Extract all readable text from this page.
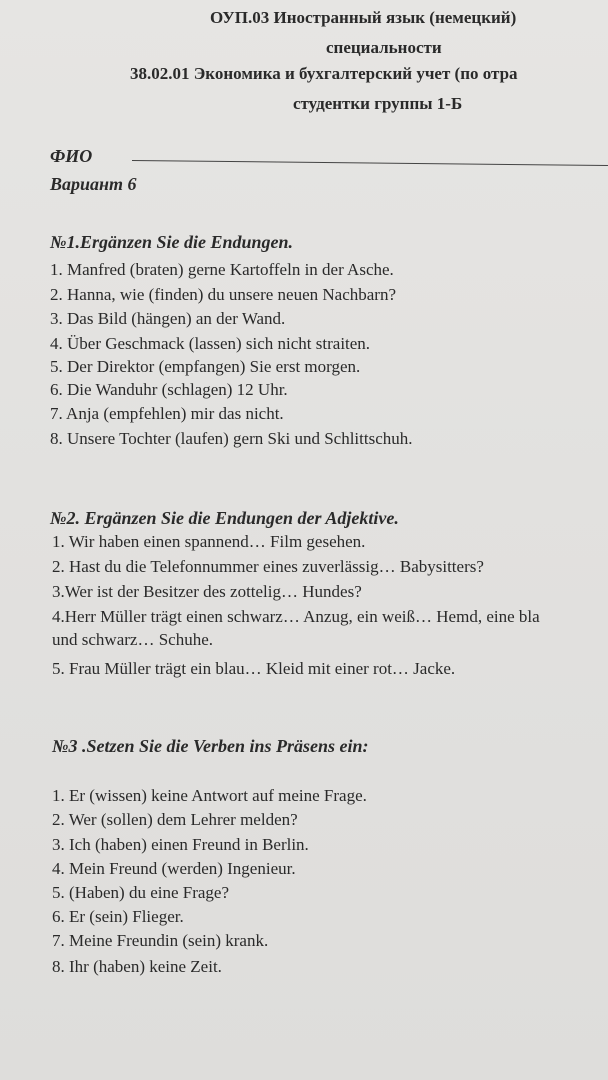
ОУП.03 Иностранный язык (немецкий)
специальности
38.02.01 Экономика и бухгалтерский учет (по отра
студентки группы 1-Б
ФИО
Вариант 6
№1.Ergänzen Sie die Endungen.
1. Manfred (braten) gerne Kartoffeln in der Asche.
2. Hanna, wie (finden) du unsere neuen Nachbarn?
3. Das Bild (hängen) an der Wand.
4. Über Geschmack (lassen) sich nicht straiten.
5. Der Direktor (empfangen) Sie erst morgen.
6. Die Wanduhr (schlagen) 12 Uhr.
7. Anja (empfehlen) mir das nicht.
8. Unsere Tochter (laufen) gern Ski und Schlittschuh.
№2. Ergänzen Sie die Endungen der Adjektive.
1. Wir haben einen spannend… Film gesehen.
2. Hast du die Telefonnummer eines zuverlässig… Babysitters?
3.Wer ist der Besitzer des zottelig… Hundes?
4.Herr Müller trägt einen schwarz… Anzug, ein weiß… Hemd, eine bla
und schwarz… Schuhe.
5. Frau Müller trägt ein blau… Kleid mit einer rot… Jacke.
№3 .Setzen Sie die Verben ins Präsens ein:
1. Er (wissen) keine Antwort auf meine Frage.
2. Wer (sollen) dem Lehrer melden?
3. Ich (haben) einen Freund in Berlin.
4. Mein Freund (werden) Ingenieur.
5. (Haben) du eine Frage?
6. Er (sein) Flieger.
7. Meine Freundin (sein) krank.
8. Ihr (haben) keine Zeit.
